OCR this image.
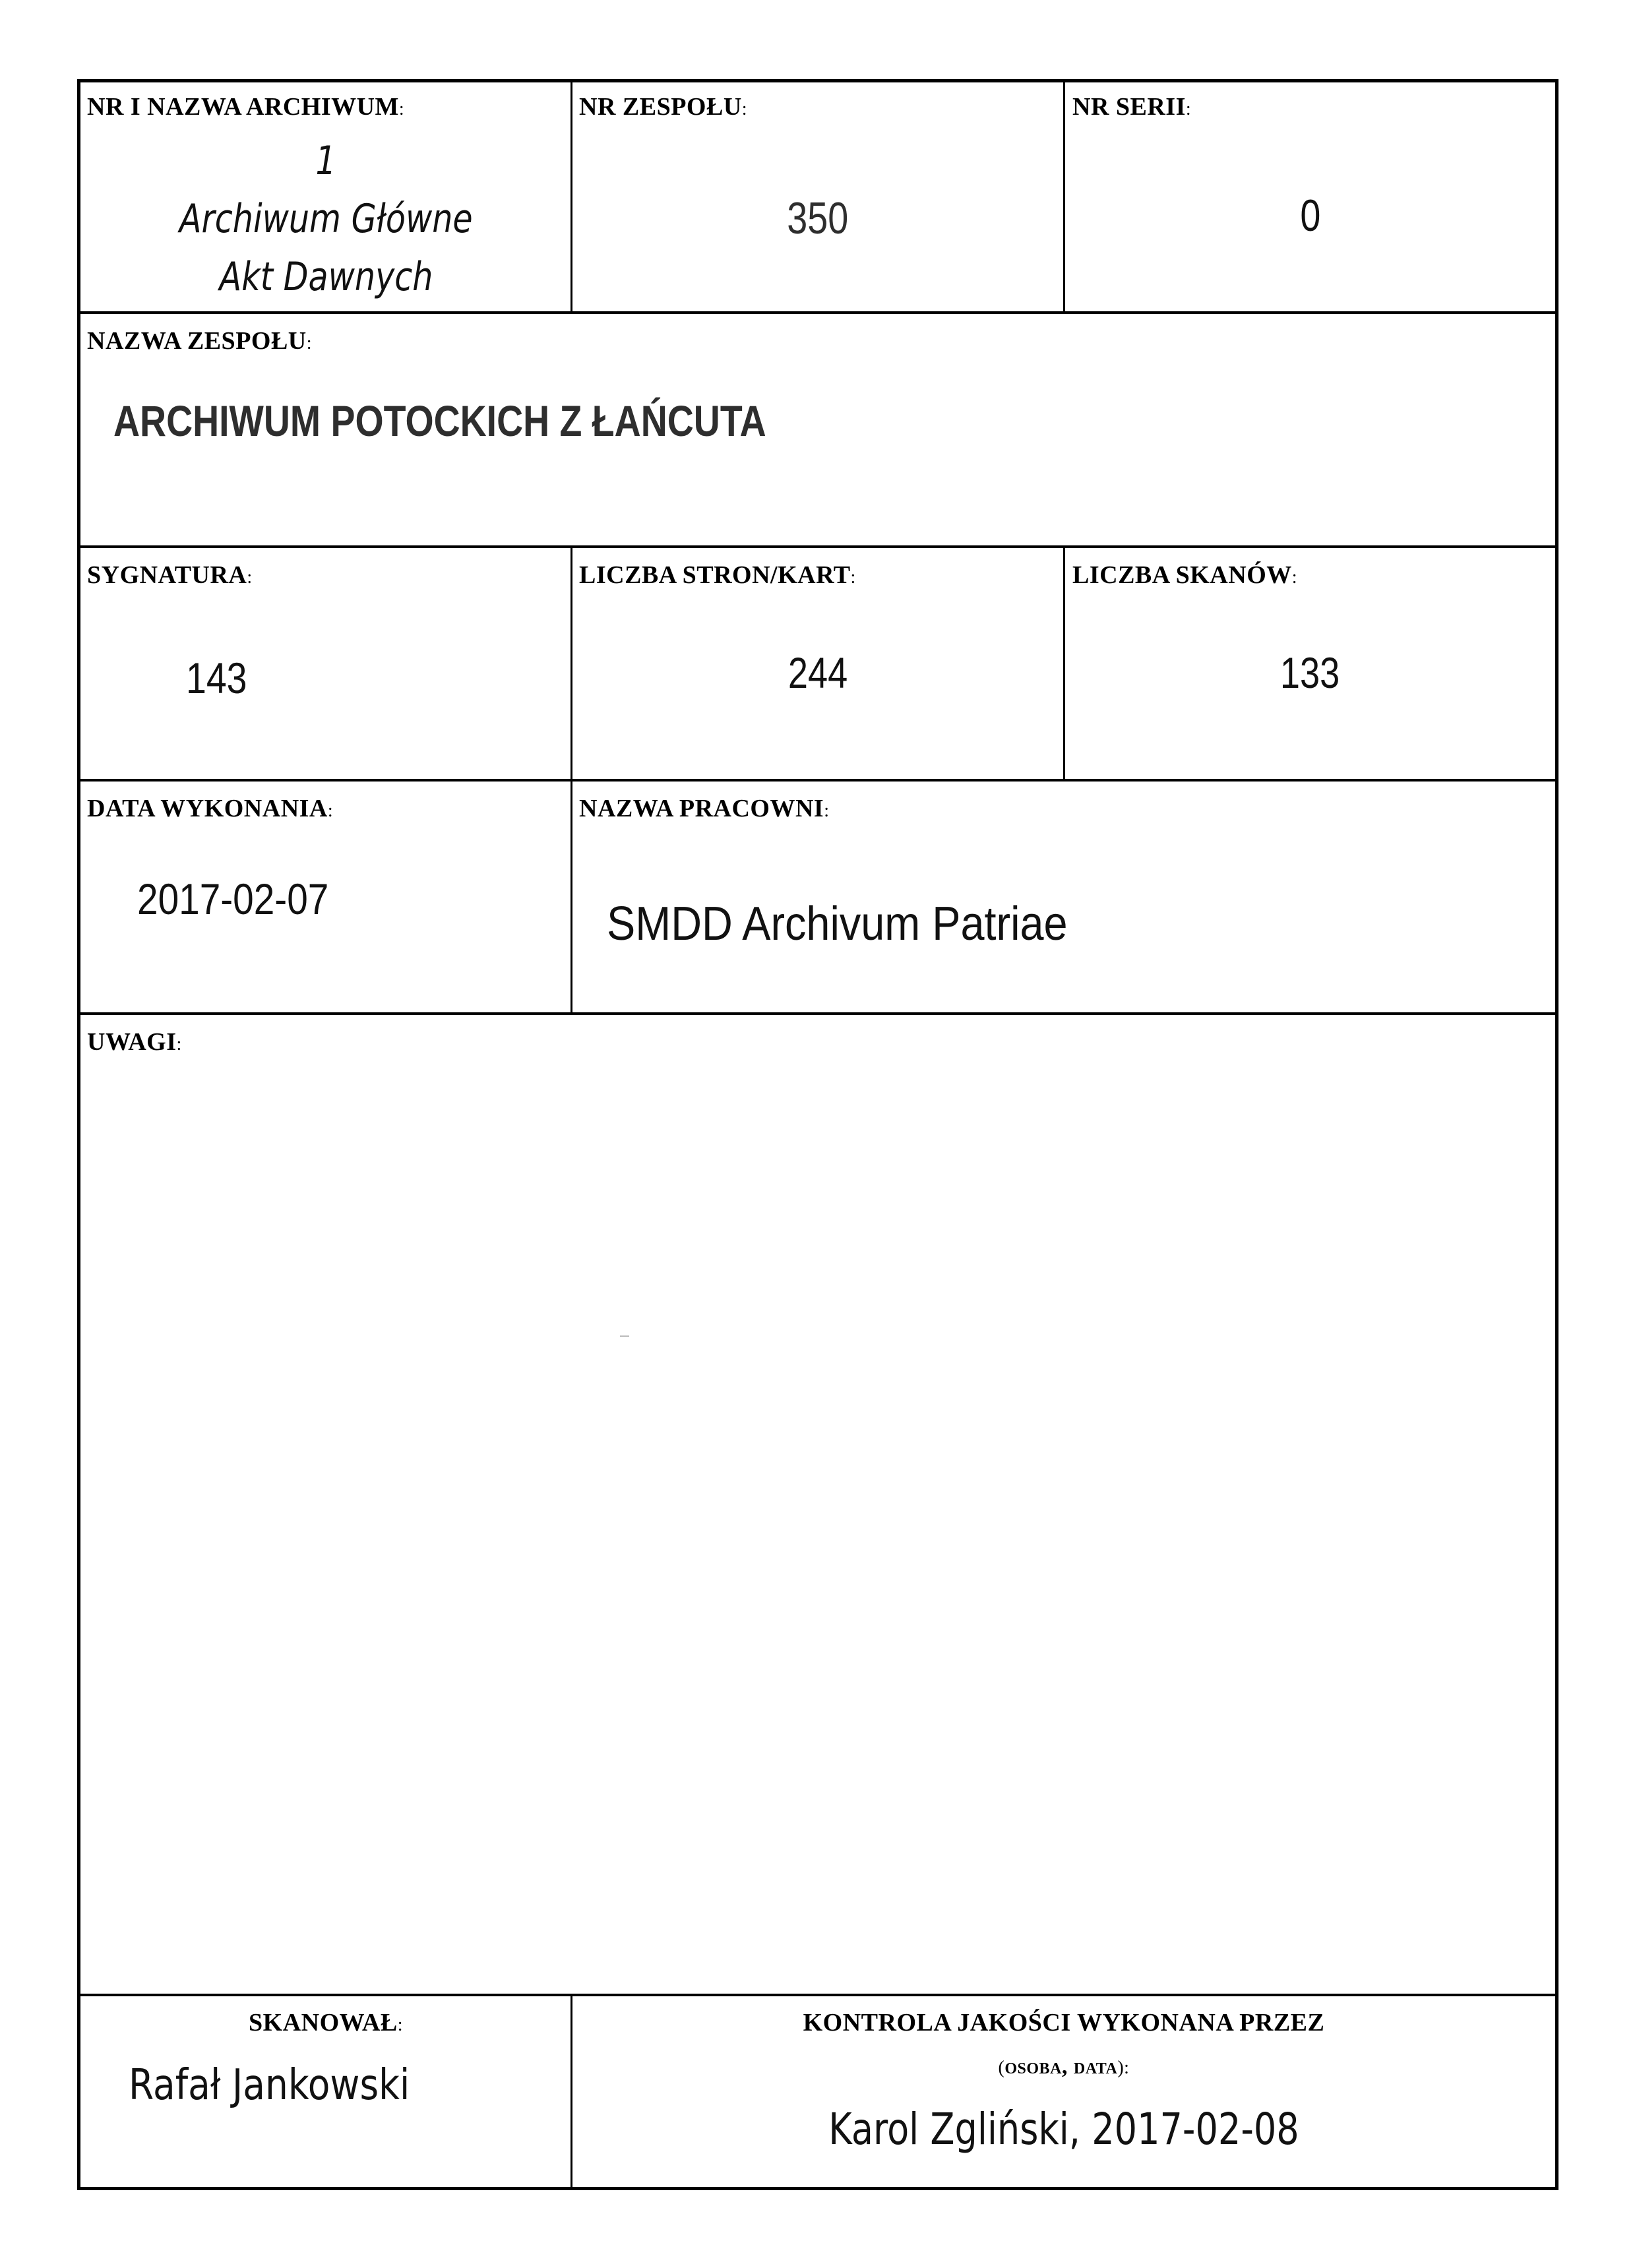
NR I NAZWA ARCHIWUM:
1
Archiwum Główne
Akt Dawnych
NR ZESPOŁU:
350
NR SERII:
0
NAZWA ZESPOŁU:
ARCHIWUM POTOCKICH Z ŁAŃCUTA
SYGNATURA:
143
LICZBA STRON/KART:
244
LICZBA SKANÓW:
133
DATA WYKONANIA:
2017-02-07
NAZWA PRACOWNI:
SMDD Archivum Patriae
UWAGI:
SKANOWAŁ:
Rafał Jankowski
KONTROLA JAKOŚCI WYKONANA PRZEZ
(osoba, data):
Karol Zgliński, 2017-02-08
